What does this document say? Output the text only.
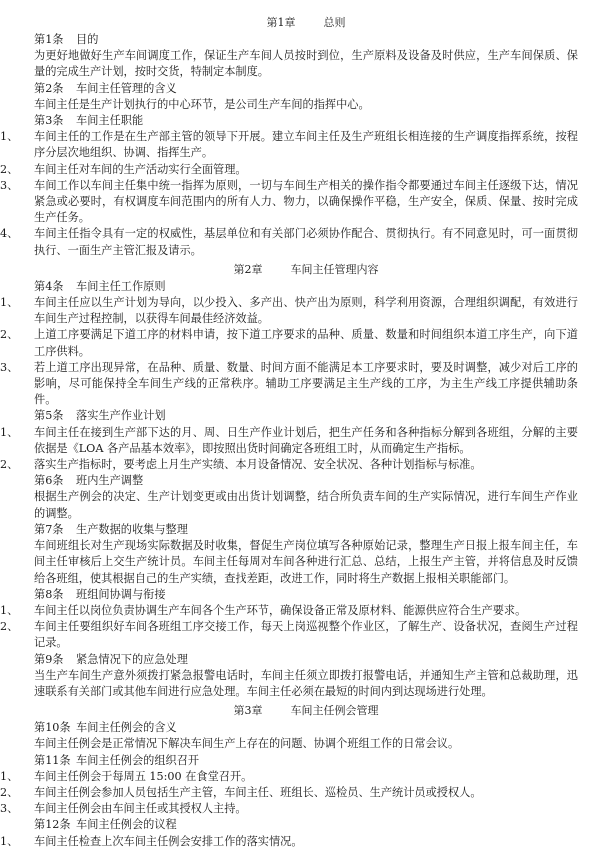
第1章	总则
第1条 目的
为更好地做好生产车间调度工作，保证生产车间人员按时到位，生产原料及设备及时供应，生产车间保质、保量的完成生产计划，按时交货，特制定本制度。
第2条 车间主任管理的含义
车间主任是生产计划执行的中心环节，是公司生产车间的指挥中心。
第3条 车间主任职能
1、	车间主任的工作是在生产部主管的领导下开展。建立车间主任及生产班组长相连接的生产调度指挥系统，按程序分层次地组织、协调、指挥生产。
2、	车间主任对车间的生产活动实行全面管理。
3、	车间工作以车间主任集中统一指挥为原则，一切与车间生产相关的操作指令都要通过车间主任逐级下达，情况紧急或必要时，有权调度车间范围内的所有人力、物力，以确保操作平稳，生产安全，保质、保量、按时完成生产任务。
4、	车间主任指令具有一定的权威性，基层单位和有关部门必须协作配合、贯彻执行。有不同意见时，可一面贯彻执行、一面生产主管汇报及请示。
第2章	车间主任管理内容
第4条 车间主任工作原则
1、	车间主任应以生产计划为导向，以少投入、多产出、快产出为原则，科学利用资源，合理组织调配，有效进行车间生产过程控制，以获得车间最佳经济效益。
2、	上道工序要满足下道工序的材料申请，按下道工序要求的品种、质量、数量和时间组织本道工序生产，向下道工序供料。
3、	若上道工序出现异常，在品种、质量、数量、时间方面不能满足本工序要求时，要及时调整，减少对后工序的影响，尽可能保持全车间生产线的正常秩序。辅助工序要满足主生产线的工序，为主生产线工序提供辅助条件。
第5条 落实生产作业计划
1、	车间主任在接到生产部下达的月、周、日生产作业计划后，把生产任务和各种指标分解到各班组，分解的主要依据是《LOA 各产品基本效率》，即按照出货时间确定各班组工时，从而确定生产指标。
2、	落实生产指标时，要考虑上月生产实绩、本月设备情况、安全状况、各种计划指标与标准。
第6条 班内生产调整
根据生产例会的决定、生产计划变更或由出货计划调整，结合所负责车间的生产实际情况，进行车间生产作业的调整。
第7条 生产数据的收集与整理
车间班组长对生产现场实际数据及时收集，督促生产岗位填写各种原始记录，整理生产日报上报车间主任，车间主任审核后上交生产统计员。车间主任每周对车间各种进行汇总、总结，上报生产主管，并将信息及时反馈给各班组，使其根据自己的生产实绩，查找差距，改进工作，同时将生产数据上报相关职能部门。
第8条 班组间协调与衔接
1、	车间主任以岗位负责协调生产车间各个生产环节，确保设备正常及原材料、能源供应符合生产要求。
2、	车间主任要组织好车间各班组工序交接工作，每天上岗巡视整个作业区，了解生产、设备状况，查阅生产过程记录。
第9条 紧急情况下的应急处理
当生产车间生产意外须拨打紧急报警电话时，车间主任须立即拨打报警电话，并通知生产主管和总裁助理，迅速联系有关部门或其他车间进行应急处理。车间主任必须在最短的时间内到达现场进行处理。
第3章	车间主任例会管理
第10条 车间主任例会的含义
车间主任例会是正常情况下解决车间生产上存在的问题、协调个班组工作的日常会议。
第11条 车间主任例会的组织召开
1、	车间主任例会于每周五 15:00 在食堂召开。
2、	车间主任例会参加人员包括生产主管，车间主任、班组长、巡检员、生产统计员或授权人。
3、	车间主任例会由车间主任或其授权人主持。
第12条 车间主任例会的议程
1、	车间主任检查上次车间主任例会安排工作的落实情况。
